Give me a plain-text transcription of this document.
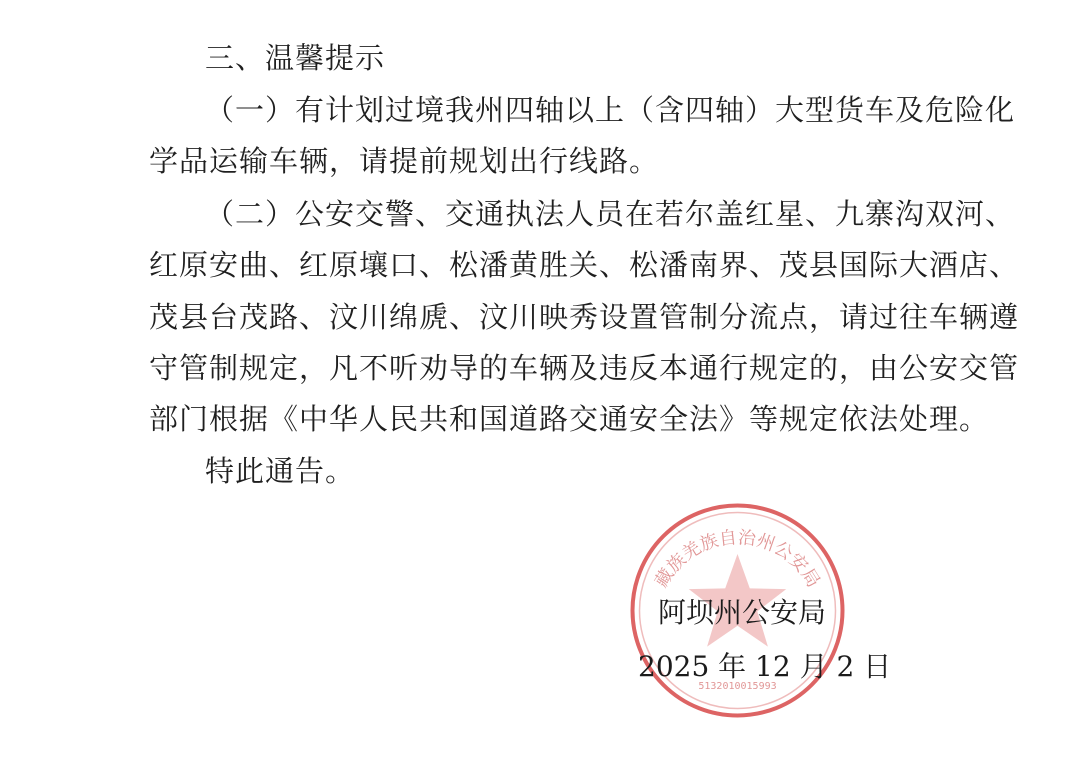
三、温馨提示
（一）有计划过境我州四轴以上（含四轴）大型货车及危险化
学品运输车辆，请提前规划出行线路。
（二）公安交警、交通执法人员在若尔盖红星、九寨沟双河、
红原安曲、红原壤口、松潘黄胜关、松潘南界、茂县国际大酒店、
茂县台茂路、汶川绵虒、汶川映秀设置管制分流点，请过往车辆遵
守管制规定，凡不听劝导的车辆及违反本通行规定的，由公安交管
部门根据《中华人民共和国道路交通安全法》等规定依法处理。
特此通告。
藏族羌族自治州公安局
5132010015993
阿坝州公安局
2025 年 12 月 2 日
